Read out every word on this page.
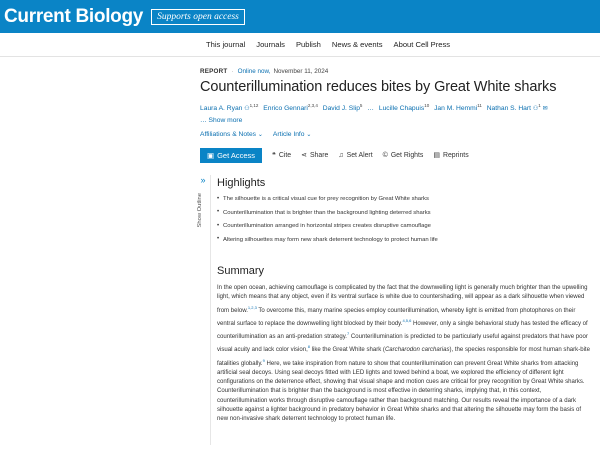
Current Biology	Supports open access
This journal Journals Publish News & events About Cell Press
REPORT · Online now, November 11, 2024
Counterillumination reduces bites by Great White sharks
Laura A. Ryan ⚇$^{1,12}$ Enrico Gennari$^{2,3,4}$ David J. Slip$^5$ … Lucille Chapuis$^{10}$ Jan M. Hemmi$^{11}$ Nathan S. Hart ⚇$^1$ ✉
… Show more
Affiliations & Notes ⌄ Article Info ⌄
▣ Get Access ❝ Cite ⋖ Share ♫ Set Alert © Get Rights ▤ Reprints
»
Show Outline
Highlights
• The silhouette is a critical visual cue for prey recognition by Great White sharks
• Counterillumination that is brighter than the background lighting deterred sharks
• Counterillumination arranged in horizontal stripes creates disruptive camouflage
• Altering silhouettes may form new shark deterrent technology to protect human life
Summary

In the open ocean, achieving camouflage is complicated by the fact that the downwelling light is generally much brighter than the upwelling light, which means that any object, even if its ventral surface is white due to countershading, will appear as a dark silhouette when viewed from below.$^{1,2,3}$ To overcome this, many marine species employ counterillumination, whereby light is emitted from photophores on their ventral surface to replace the downwelling light blocked by their body.$^{4,5,6}$ However, only a single behavioral study has tested the efficacy of counterillumination as an anti-predation strategy.$^7$ Counterillumination is predicted to be particularly useful against predators that have poor visual acuity and lack color vision,$^8$ like the Great White shark (Carcharodon carcharias), the species responsible for most human shark-bite fatalities globally.$^9$ Here, we take inspiration from nature to show that counterillumination can prevent Great White sharks from attacking artificial seal decoys. Using seal decoys fitted with LED lights and towed behind a boat, we explored the efficiency of different light configurations on the deterrence effect, showing that visual shape and motion cues are critical for prey recognition by Great White sharks. Counterillumination that is brighter than the background is most effective in deterring sharks, implying that, in this context, counterillumination works through disruptive camouflage rather than background matching. Our results reveal the importance of a dark silhouette against a lighter background in predatory behavior in Great White sharks and that altering the silhouette may form the basis of new non-invasive shark deterrent technology to protect human life.
